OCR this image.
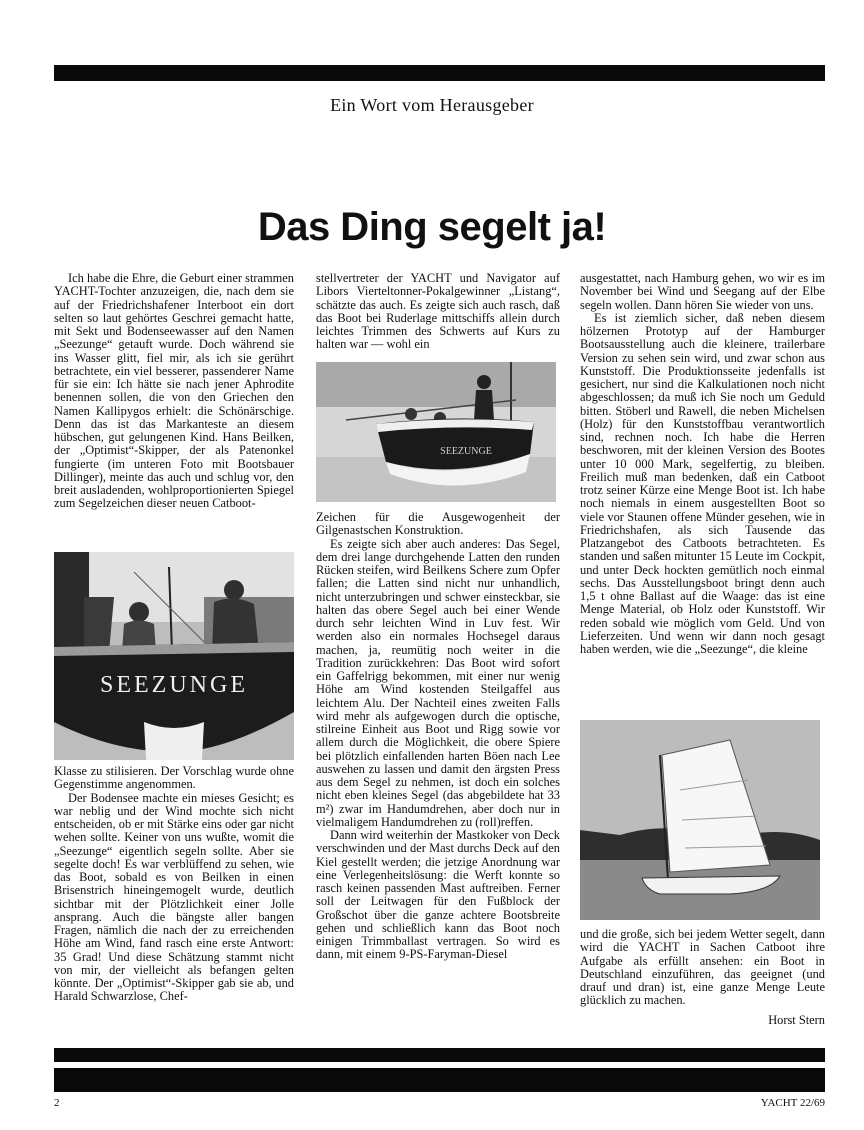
Ein Wort vom Herausgeber
Das Ding segelt ja!

Ich habe die Ehre, die Geburt einer strammen YACHT-Tochter anzuzeigen, die, nach dem sie auf der Friedrichshafener Interboot ein dort selten so laut gehörtes Geschrei gemacht hatte, mit Sekt und Bodenseewasser auf den Namen „Seezunge“ getauft wurde. Doch während sie ins Wasser glitt, fiel mir, als ich sie gerührt betrachtete, ein viel besserer, passenderer Name für sie ein: Ich hätte sie nach jener Aphrodite benennen sollen, die von den Griechen den Namen Kallipygos erhielt: die Schönärschige. Denn das ist das Markanteste an diesem hübschen, gut gelungenen Kind. Hans Beilken, der „Optimist“-Skipper, der als Patenonkel fungierte (im unteren Foto mit Bootsbauer Dillinger), meinte das auch und schlug vor, den breit ausladenden, wohlproportionierten Spiegel zum Segelzeichen dieser neuen Catboot-

SEEZUNGE

Klasse zu stilisieren. Der Vorschlag wurde ohne Gegenstimme angenommen.

Der Bodensee machte ein mieses Gesicht; es war neblig und der Wind mochte sich nicht entscheiden, ob er mit Stärke eins oder gar nicht wehen sollte. Keiner von uns wußte, womit die „Seezunge“ eigentlich segeln sollte. Aber sie segelte doch! Es war verblüffend zu sehen, wie das Boot, sobald es von Beilken in einen Brisenstrich hineingemogelt wurde, deutlich sichtbar mit der Plötzlichkeit einer Jolle ansprang. Auch die bängste aller bangen Fragen, nämlich die nach der zu erreichenden Höhe am Wind, fand rasch eine erste Antwort: 35 Grad! Und diese Schätzung stammt nicht von mir, der vielleicht als befangen gelten könnte. Der „Optimist“-Skipper gab sie ab, und Harald Schwarzlose, Chef-

stellvertreter der YACHT und Navigator auf Libors Vierteltonner-Pokalgewinner „Listang“, schätzte das auch. Es zeigte sich auch rasch, daß das Boot bei Ruderlage mittschiffs allein durch leichtes Trimmen des Schwerts auf Kurs zu halten war — wohl ein

SEEZUNGE

Zeichen für die Ausgewogenheit der Gilgenastschen Konstruktion.

Es zeigte sich aber auch anderes: Das Segel, dem drei lange durchgehende Latten den runden Rücken steifen, wird Beilkens Schere zum Opfer fallen; die Latten sind nicht nur unhandlich, nicht unterzubringen und schwer einsteckbar, sie halten das obere Segel auch bei einer Wende durch sehr leichten Wind in Luv fest. Wir werden also ein normales Hochsegel daraus machen, ja, reumütig noch weiter in die Tradition zurückkehren: Das Boot wird sofort ein Gaffelrigg bekommen, mit einer nur wenig Höhe am Wind kostenden Steilgaffel aus leichtem Alu. Der Nachteil eines zweiten Falls wird mehr als aufgewogen durch die optische, stilreine Einheit aus Boot und Rigg sowie vor allem durch die Möglichkeit, die obere Spiere bei plötzlich einfallenden harten Böen nach Lee auswehen zu lassen und damit den ärgsten Press aus dem Segel zu nehmen, ist doch ein solches nicht eben kleines Segel (das abgebildete hat 33 m²) zwar im Handumdrehen, aber doch nur in vielmaligem Handumdrehen zu (roll)reffen.

Dann wird weiterhin der Mastkoker von Deck verschwinden und der Mast durchs Deck auf den Kiel gestellt werden; die jetzige Anordnung war eine Verlegenheitslösung: die Werft konnte so rasch keinen passenden Mast auftreiben. Ferner soll der Leitwagen für den Fußblock der Großschot über die ganze achtere Bootsbreite gehen und schließlich kann das Boot noch einigen Trimmballast vertragen. So wird es dann, mit einem 9-PS-Faryman-Diesel

ausgestattet, nach Hamburg gehen, wo wir es im November bei Wind und Seegang auf der Elbe segeln wollen. Dann hören Sie wieder von uns.

Es ist ziemlich sicher, daß neben diesem hölzernen Prototyp auf der Hamburger Bootsausstellung auch die kleinere, trailerbare Version zu sehen sein wird, und zwar schon aus Kunststoff. Die Produktionsseite jedenfalls ist gesichert, nur sind die Kalkulationen noch nicht abgeschlossen; da muß ich Sie noch um Geduld bitten. Stöberl und Rawell, die neben Michelsen (Holz) für den Kunststoffbau verantwortlich sind, rechnen noch. Ich habe die Herren beschworen, mit der kleinen Version des Bootes unter 10 000 Mark, segelfertig, zu bleiben. Freilich muß man bedenken, daß ein Catboot trotz seiner Kürze eine Menge Boot ist. Ich habe noch niemals in einem ausgestellten Boot so viele vor Staunen offene Münder gesehen, wie in Friedrichshafen, als sich Tausende das Platzangebot des Catboots betrachteten. Es standen und saßen mitunter 15 Leute im Cockpit, und unter Deck hockten gemütlich noch einmal sechs. Das Ausstellungsboot bringt denn auch 1,5 t ohne Ballast auf die Waage: das ist eine Menge Material, ob Holz oder Kunststoff. Wir reden sobald wie möglich vom Geld. Und von Lieferzeiten. Und wenn wir dann noch gesagt haben werden, wie die „Seezunge“, die kleine

und die große, sich bei jedem Wetter segelt, dann wird die YACHT in Sachen Catboot ihre Aufgabe als erfüllt ansehen: ein Boot in Deutschland einzuführen, das geeignet (und drauf und dran) ist, eine ganze Menge Leute glücklich zu machen.

Horst Stern
2	YACHT 22/69
